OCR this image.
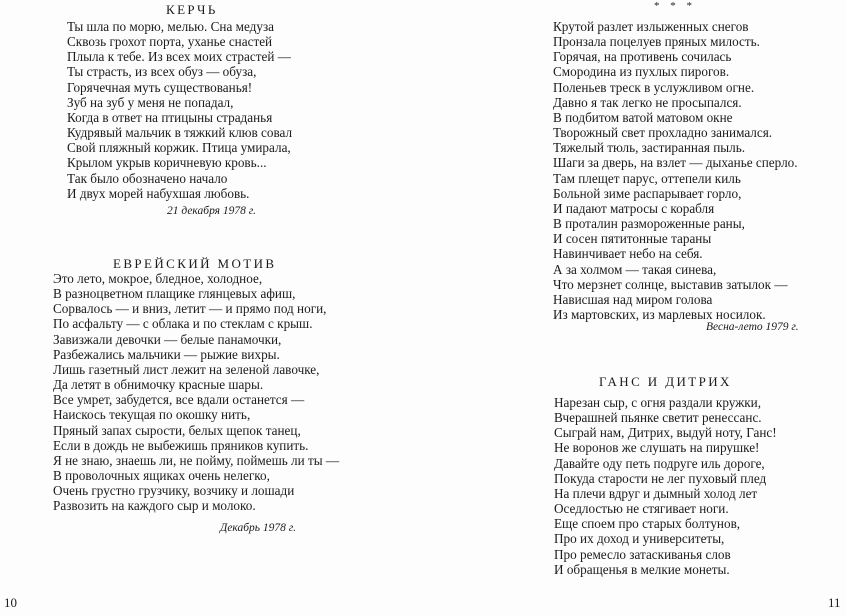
КЕРЧЬ
Ты шла по морю, мелью. Сна медуза
Сквозь грохот порта, уханье снастей
Плыла к тебе. Из всех моих страстей —
Ты страсть, из всех обуз — обуза,
Горячечная муть существованья!
Зуб на зуб у меня не попадал,
Когда в ответ на птицыны страданья
Кудрявый мальчик в тяжкий клюв совал
Свой пляжный коржик. Птица умирала,
Крылом укрыв коричневую кровь...
Так было обозначено начало
И двух морей набухшая любовь.
21 декабря 1978 г.
ЕВРЕЙСКИЙ МОТИВ
Это лето, мокрое, бледное, холодное,
В разноцветном плащике глянцевых афиш,
Сорвалось — и вниз, летит — и прямо под ноги,
По асфальту — с облака и по стеклам с крыш.
Завизжали девочки — белые панамочки,
Разбежались мальчики — рыжие вихры.
Лишь газетный лист лежит на зеленой лавочке,
Да летят в обнимочку красные шары.
Все умрет, забудется, все вдали останется —
Наискось текущая по окошку нить,
Пряный запах сырости, белых щепок танец,
Если в дождь не выбежишь пряников купить.
Я не знаю, знаешь ли, не пойму, поймешь ли ты —
В проволочных ящиках очень нелегко,
Очень грустно грузчику, возчику и лошади
Развозить на каждого сыр и молоко.
Декабрь 1978 г.
10
* * *
Крутой разлет излыженных снегов
Пронзала поцелуев пряных милость.
Горячая, на противень сочилась
Смородина из пухлых пирогов.
Поленьев треск в услужливом огне.
Давно я так легко не просыпался.
В подбитом ватой матовом окне
Творожный свет прохладно занимался.
Тяжелый тюль, застиранная пыль.
Шаги за дверь, на взлет — дыханье сперло.
Там плещет парус, оттепели киль
Больной зиме распарывает горло,
И падают матросы с корабля
В проталин размороженные раны,
И сосен пятитонные тараны
Навинчивает небо на себя.
А за холмом — такая синева,
Что мерзнет солнце, выставив затылок —
Нависшая над миром голова
Из мартовских, из марлевых носилок.
Весна-лето 1979 г.
ГАНС И ДИТРИХ
Нарезан сыр, с огня раздали кружки,
Вчерашней пьянке светит ренессанс.
Сыграй нам, Дитрих, выдуй ноту, Ганс!
Не воронов же слушать на пирушке!
Давайте оду петь подруге иль дороге,
Покуда старости не лег пуховый плед
На плечи вдруг и дымный холод лет
Оседлостью не стягивает ноги.
Еще споем про старых болтунов,
Про их доход и университеты,
Про ремесло затаскиванья слов
И обращенья в мелкие монеты.
11
